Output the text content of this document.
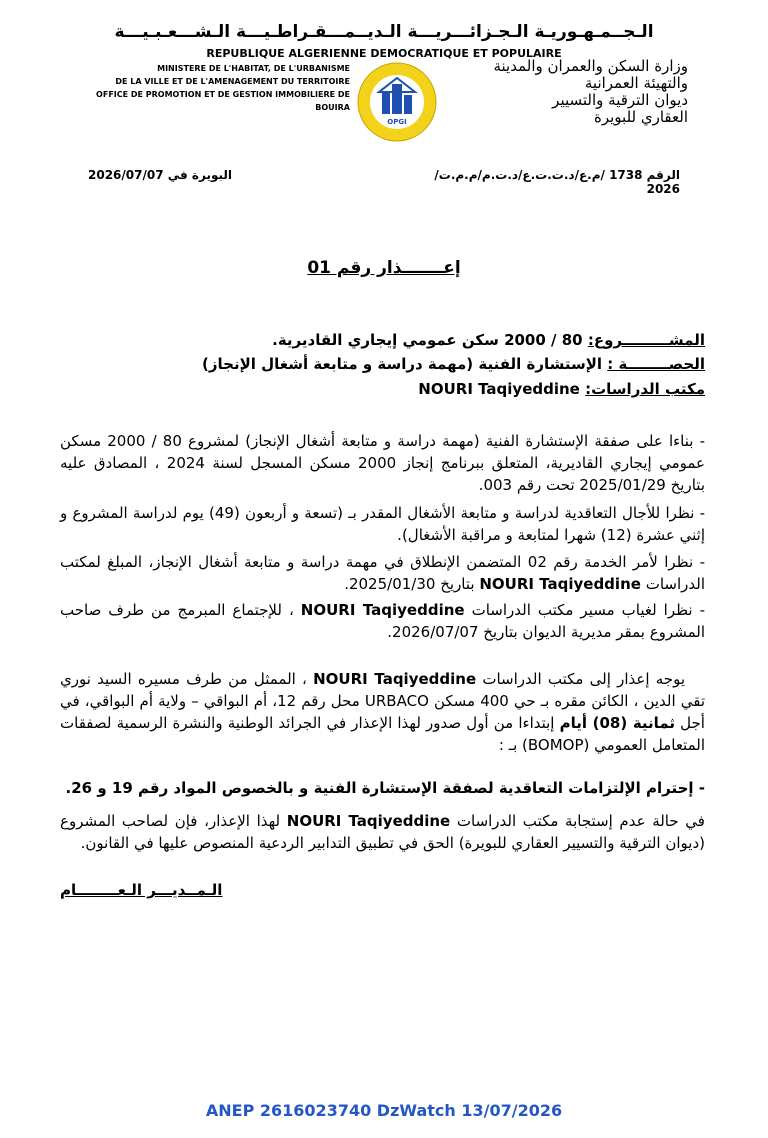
الـجــمـهـوريـة الـجـزائـــريـــة الـديــمـــقـراطـيـــة الـشـــعـبـيـــة
REPUBLIQUE ALGERIENNE DEMOCRATIQUE ET POPULAIRE
MINISTERE DE L'HABITAT, DE L'URBANISME
DE LA VILLE ET DE L'AMENAGEMENT DU TERRITOIRE
OFFICE DE PROMOTION ET DE GESTION IMMOBILIERE DE BOUIRA
وزارة السكن والعمران والمدينة
والتهيئة العمرانية
ديوان الترقية والتسيير
العقاري للبويرة
OPGI
الرقم 1738 /م.ع/د.ت.ت.ع/د.ت.م/م.م.ت/ 2026
البويرة في 2026/07/07
إعـــــــذار رقم 01
المشـــــــــروع: 80 / 2000 سكن عمومي إيجاري القاديرية.
الحصــــــــة : الإستشارة الفنية (مهمة دراسة و متابعة أشغال الإنجاز)
مكتب الدراسات: NOURI Taqiyeddine
- بناءا على صفقة الإستشارة الفنية (مهمة دراسة و متابعة أشغال الإنجاز) لمشروع 80 / 2000 مسكن عمومي إيجاري القاديرية، المتعلق ببرنامج إنجاز 2000 مسكن المسجل لسنة 2024 ، المصادق عليه بتاريخ 2025/01/29 تحت رقم 003.
- نظرا للأجال التعاقدية لدراسة و متابعة الأشغال المقدر بـ (تسعة و أربعون (49) يوم لدراسة المشروع و إثني عشرة (12) شهرا لمتابعة و مراقبة الأشغال).
- نظرا لأمر الخدمة رقم 02 المتضمن الإنطلاق في مهمة دراسة و متابعة أشغال الإنجاز، المبلغ لمكتب الدراسات NOURI Taqiyeddine بتاريخ 2025/01/30.
- نظرا لغياب مسير مكتب الدراسات NOURI Taqiyeddine ، للإجتماع المبرمج من طرف صاحب المشروع بمقر مديرية الديوان بتاريخ 2026/07/07.
يوجه إعذار إلى مكتب الدراسات NOURI Taqiyeddine ، الممثل من طرف مسيره السيد نوري تقي الدين ، الكائن مقره بـ حي 400 مسكن URBACO محل رقم 12، أم البواقي – ولاية أم البواقي، في أجل ثمانية (08) أيام إبتداءا من أول صدور لهذا الإعذار في الجرائد الوطنية والنشرة الرسمية لصفقات المتعامل العمومي (BOMOP) بـ :
- إحترام الإلتزامات التعاقدية لصفقة الإستشارة الفنية و بالخصوص المواد رقم 19 و 26.
في حالة عدم إستجابة مكتب الدراسات NOURI Taqiyeddine لهذا الإعذار، فإن لصاحب المشروع (ديوان الترقية والتسيير العقاري للبويرة) الحق في تطبيق التدابير الردعية المنصوص عليها في القانون.
الـمــديـــر الـعــــــــام
ANEP 2616023740 DzWatch 13/07/2026
